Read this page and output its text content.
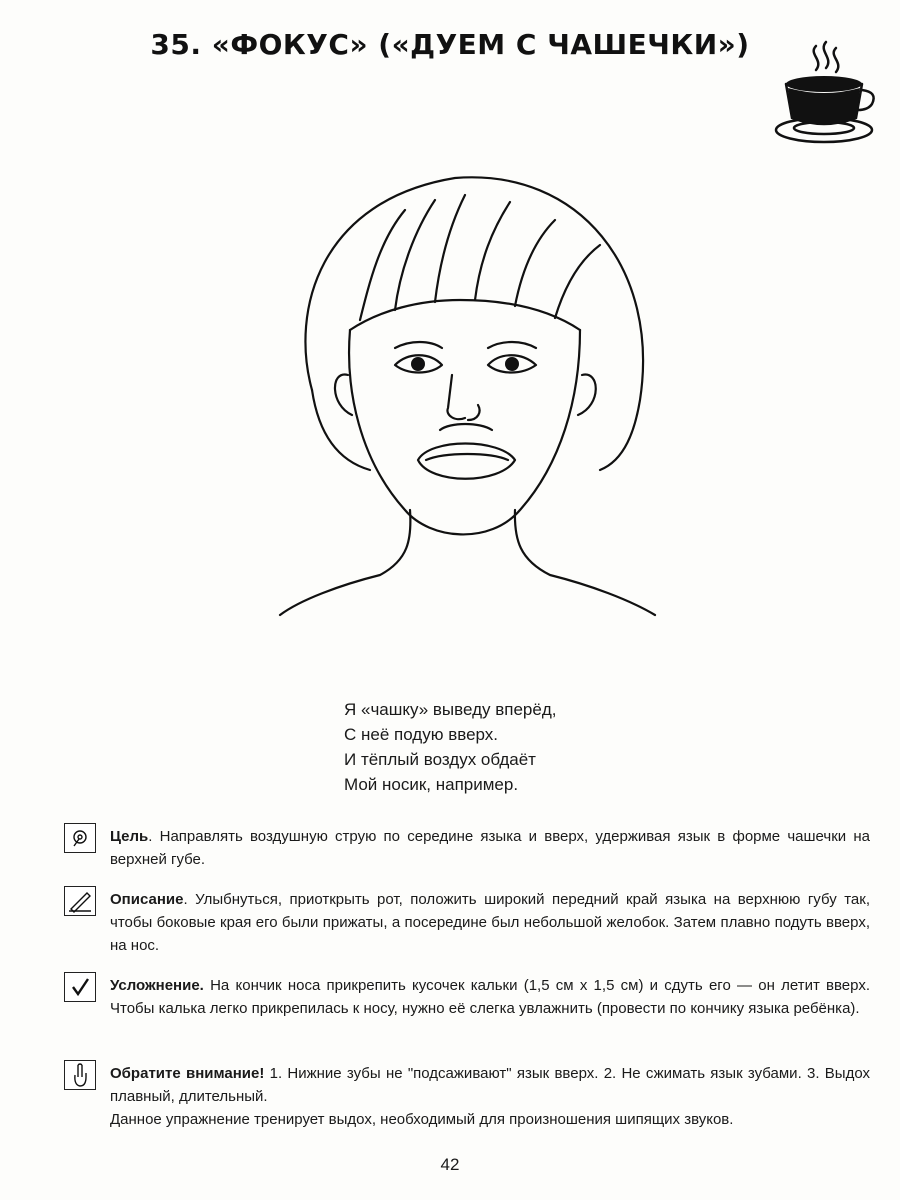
35. «ФОКУС» («ДУЕМ С ЧАШЕЧКИ»)
Я «чашку» выведу вперёд,
С неё подую вверх.
И тёплый воздух обдаёт
Мой носик, например.
Цель. Направлять воздушную струю по середине языка и вверх, удерживая язык в форме чашечки на верхней губе.
Описание. Улыбнуться, приоткрыть рот, положить широкий передний край языка на верхнюю губу так, чтобы боковые края его были прижаты, а посередине был небольшой желобок. Затем плавно подуть вверх, на нос.
Усложнение. На кончик носа прикрепить кусочек кальки (1,5 см х 1,5 см) и сдуть его — он летит вверх. Чтобы калька легко прикрепилась к носу, нужно её слегка увлажнить (провести по кончику языка ребёнка).
Обратите внимание! 1. Нижние зубы не "подсаживают" язык вверх. 2. Не сжимать язык зубами. 3. Выдох плавный, длительный.
Данное упражнение тренирует выдох, необходимый для произношения шипящих звуков.
42
